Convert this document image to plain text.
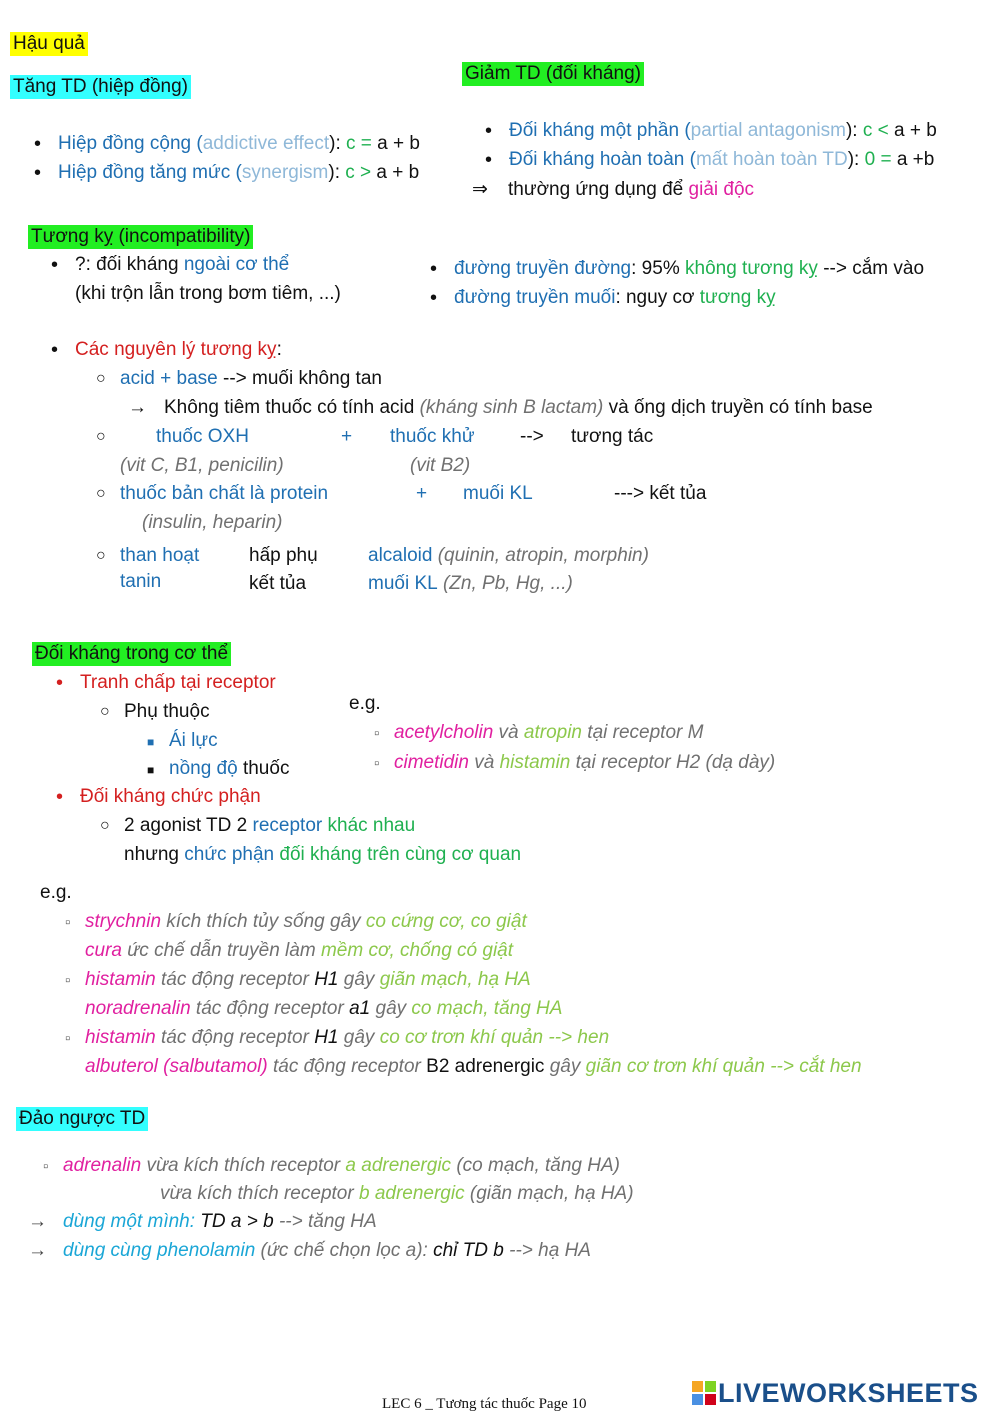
Hậu quả
Tăng TD (hiệp đồng)
• Hiệp đồng cộng (addictive effect): c = a + b
• Hiệp đồng tăng mức (synergism): c > a + b
Giảm TD (đối kháng)
• Đối kháng một phần (partial antagonism): c < a + b
• Đối kháng hoàn toàn (mất hoàn toàn TD): 0 = a +b
⇒ thường ứng dụng để giải độc
Tương kỵ (incompatibility)
• ?: đối kháng ngoài cơ thể
(khi trộn lẫn trong bơm tiêm, ...)
• đường truyền đường: 95% không tương kỵ --> cắm vào
• đường truyền muối: nguy cơ tương kỵ
• Các nguyên lý tương kỵ:
○ acid + base --> muối không tan
→ Không tiêm thuốc có tính acid (kháng sinh B lactam) và ống dịch truyền có tính base
○ thuốc OXH	+ thuốc khử --> tương tác
(vit C, B1, penicilin)	(vit B2)
○ thuốc bản chất là protein	+ muối KL	---> kết tủa
(insulin, heparin)
○ than hoạt	hấp phụ	alcaloid (quinin, atropin, morphin)
tanin	kết tủa	muối KL (Zn, Pb, Hg, ...)
Đối kháng trong cơ thể
• Tranh chấp tại receptor
○ Phụ thuộc
■ Ái lực
■ nồng độ thuốc
e.g.
▫ acetylcholin và atropin tại receptor M
▫ cimetidin và histamin tại receptor H2 (dạ dày)
• Đối kháng chức phận
○ 2 agonist TD 2 receptor khác nhau
nhưng chức phận đối kháng trên cùng cơ quan
e.g.
▫ strychnin kích thích tủy sống gây co cứng cơ, co giật
cura ức chế dẫn truyền làm mềm cơ, chống có giật
▫ histamin tác động receptor H1 gây giãn mạch, hạ HA
noradrenalin tác động receptor a1 gây co mạch, tăng HA
▫ histamin tác động receptor H1 gây co cơ trơn khí quản --> hen
albuterol (salbutamol) tác động receptor B2 adrenergic gây giãn cơ trơn khí quản --> cắt hen
Đảo ngược TD
▫ adrenalin vừa kích thích receptor a adrenergic (co mạch, tăng HA)
vừa kích thích receptor b adrenergic (giãn mạch, hạ HA)
→ dùng một mình: TD a > b --> tăng HA
→ dùng cùng phenolamin (ức chế chọn lọc a): chỉ TD b --> hạ HA
LEC 6 _ Tương tác thuốc Page 10	LIVEWORKSHEETS
